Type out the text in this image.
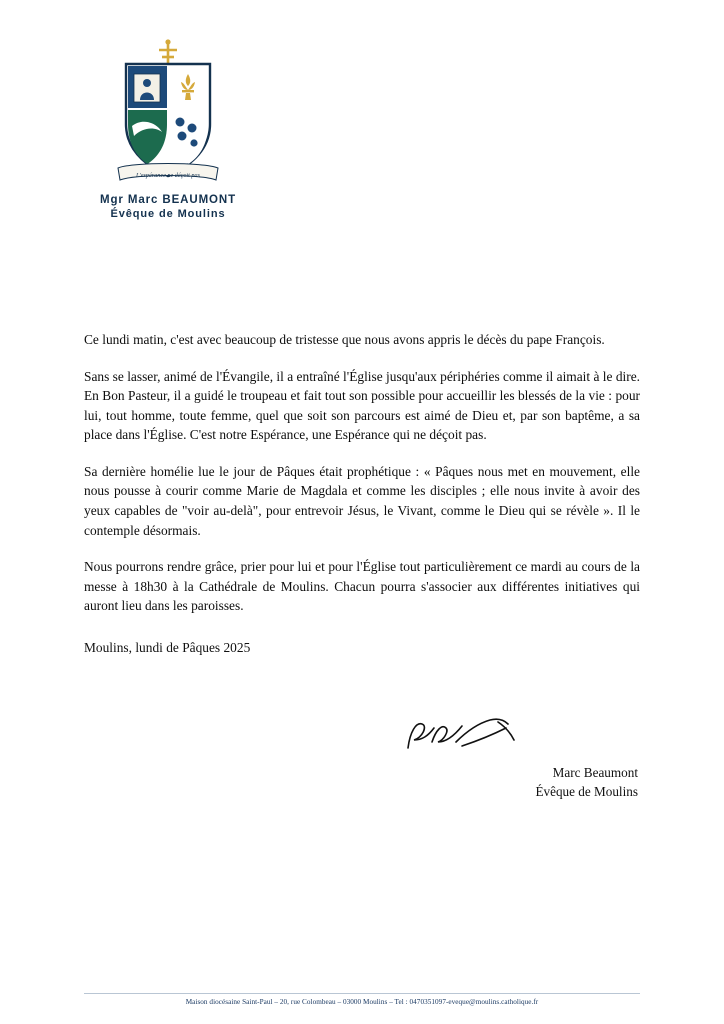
L'espérance ne déçoit pas
Mgr Marc BEAUMONT
Évêque de Moulins

Ce lundi matin, c'est avec beaucoup de tristesse que nous avons appris le décès du pape François.

Sans se lasser, animé de l'Évangile, il a entraîné l'Église jusqu'aux périphéries comme il aimait à le dire. En Bon Pasteur, il a guidé le troupeau et fait tout son possible pour accueillir les blessés de la vie : pour lui, tout homme, toute femme, quel que soit son parcours est aimé de Dieu et, par son baptême, a sa place dans l'Église. C'est notre Espérance, une Espérance qui ne déçoit pas.

Sa dernière homélie lue le jour de Pâques était prophétique : « Pâques nous met en mouvement, elle nous pousse à courir comme Marie de Magdala et comme les disciples ; elle nous invite à avoir des yeux capables de "voir au-delà", pour entrevoir Jésus, le Vivant, comme le Dieu qui se révèle ». Il le contemple désormais.

Nous pourrons rendre grâce, prier pour lui et pour l'Église tout particulièrement ce mardi au cours de la messe à 18h30 à la Cathédrale de Moulins. Chacun pourra s'associer aux différentes initiatives qui auront lieu dans les paroisses.

Moulins, lundi de Pâques 2025

Marc Beaumont
Évêque de Moulins
Maison diocésaine Saint-Paul – 20, rue Colombeau – 03000 Moulins – Tel : 0470351097-eveque@moulins.catholique.fr
